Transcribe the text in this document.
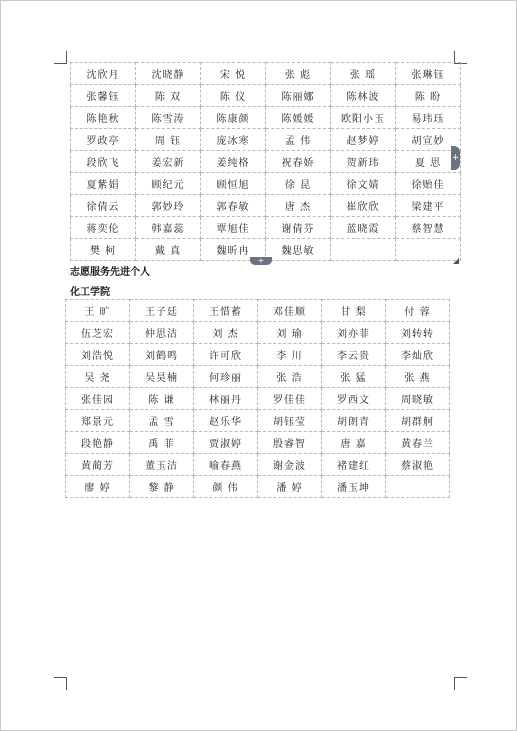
沈欣月	沈晓静	宋 悦	张 彪	张 瑶	张琳钰
张馨钰	陈 双	陈 仪	陈丽娜	陈林波	陈 盼
陈艳秋	陈雪涛	陈康颜	陈媛媛	欧阳小玉	易玮珏
罗政亭	周 钰	庞冰寒	孟 伟	赵梦婷	胡宣妙
段欣飞	姜宏新	姜纯格	祝春娇	贺新玮	夏 思
夏紫娟	顾纪元	顾恒旭	徐 昆	徐文婧	徐贻佳
徐倩云	郭妙玲	郭春敏	唐 杰	崔欣欣	梁建平
蒋奕伦	韩嘉蕊	覃旭佳	谢倩芬	蓝晓霞	蔡智慧
樊 柯	戴 真	魏昕冉	魏思敏		
+
+
志愿服务先进个人
化工学院
王 旷	王子廷	王惜蓄	邓佳顺	甘 梨	付 蓉
伍芝宏	仲思洁	刘 杰	刘 瑜	刘亦菲	刘转转
刘浩悦	刘鹤鸣	许可欣	李 川	李云贵	李灿欣
吴 尧	吴昊楠	何珍丽	张 浩	张 猛	张 燕
张佳园	陈 谦	林丽丹	罗佳佳	罗西文	周晓敏
郑景元	孟 雪	赵乐华	胡钰莹	胡朗青	胡群舸
段艳静	禹 菲	贾淑婷	殷睿智	唐 嘉	黄春兰
黄蔺芳	董玉洁	喻春燕	谢金波	褚建红	蔡淑艳
廖 婷	黎 静	颜 伟	潘 婷	潘玉坤	
